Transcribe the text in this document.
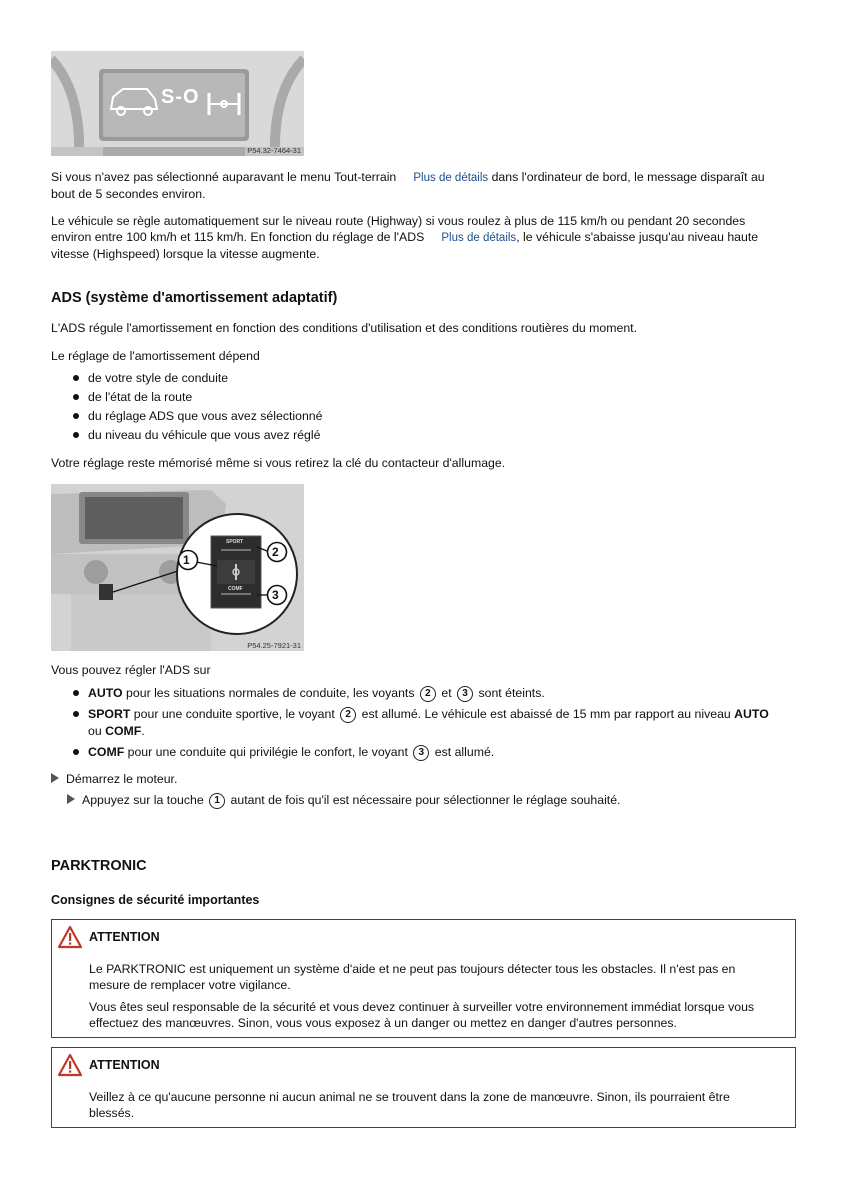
S-O
P54.32-7464-31

Si vous n'avez pas sélectionné auparavant le menu Tout-terrain Plus de détails dans l'ordinateur de bord, le message disparaît au
bout de 5 secondes environ.

Le véhicule se règle automatiquement sur le niveau route (Highway) si vous roulez à plus de 115 km/h ou pendant 20 secondes
environ entre 100 km/h et 115 km/h. En fonction du réglage de l'ADS Plus de détails, le véhicule s'abaisse jusqu'au niveau haute
vitesse (Highspeed) lorsque la vitesse augmente.

ADS (système d'amortissement adaptatif)

L'ADS régule l'amortissement en fonction des conditions d'utilisation et des conditions routières du moment.

Le réglage de l'amortissement dépend

de votre style de conduite
de l'état de la route
du réglage ADS que vous avez sélectionné
du niveau du véhicule que vous avez réglé

Votre réglage reste mémorisé même si vous retirez la clé du contacteur d'allumage.

SPORT
COMF
1
2
3
P54.25-7921-31

Vous pouvez régler l'ADS sur

AUTO pour les situations normales de conduite, les voyants 2 et 3 sont éteints.
SPORT pour une conduite sportive, le voyant 2 est allumé. Le véhicule est abaissé de 15 mm par rapport au niveau AUTO
ou COMF.
COMF pour une conduite qui privilégie le confort, le voyant 3 est allumé.

Démarrez le moteur.

Appuyez sur la touche 1 autant de fois qu'il est nécessaire pour sélectionner le réglage souhaité.

PARKTRONIC
Consignes de sécurité importantes
ATTENTION

Le PARKTRONIC est uniquement un système d'aide et ne peut pas toujours détecter tous les obstacles. Il n'est pas en
mesure de remplacer votre vigilance.

Vous êtes seul responsable de la sécurité et vous devez continuer à surveiller votre environnement immédiat lorsque vous
effectuez des manœuvres. Sinon, vous vous exposez à un danger ou mettez en danger d'autres personnes.

ATTENTION

Veillez à ce qu'aucune personne ni aucun animal ne se trouvent dans la zone de manœuvre. Sinon, ils pourraient être
blessés.
